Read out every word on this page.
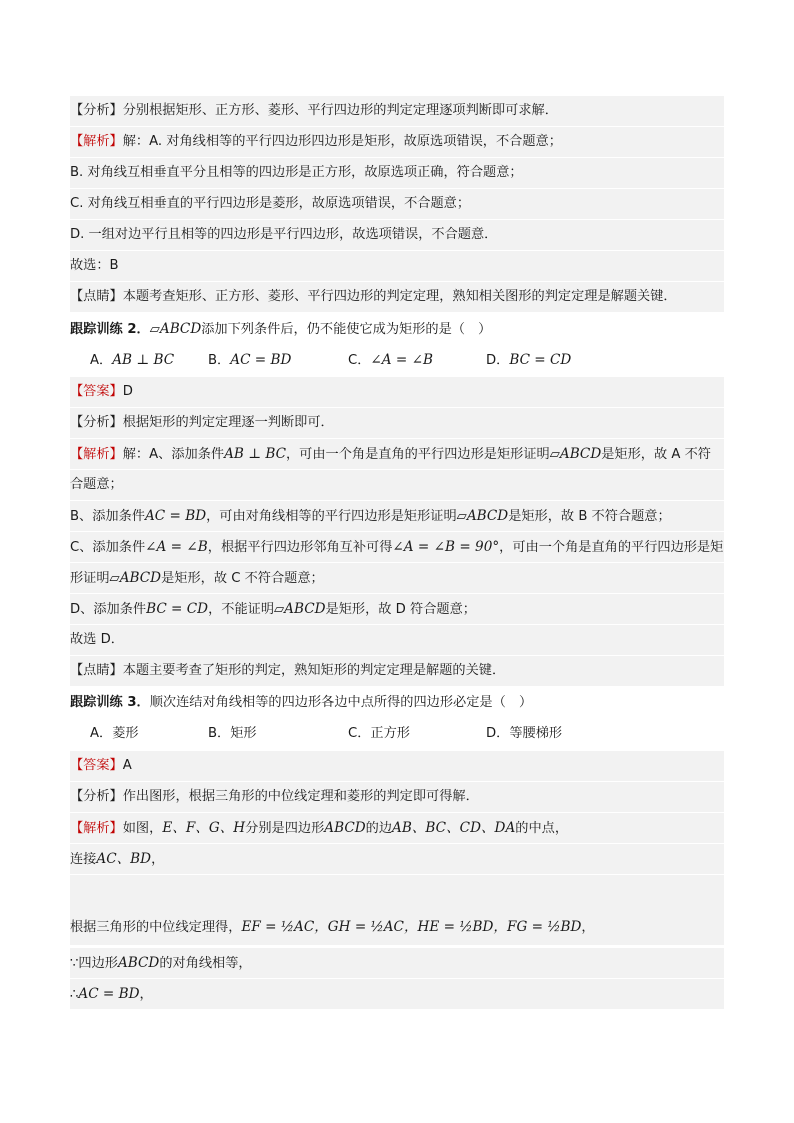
【分析】分别根据矩形、正方形、菱形、平行四边形的判定定理逐项判断即可求解．
【解析】解：A. 对角线相等的平行四边形四边形是矩形，故原选项错误，不合题意；
B. 对角线互相垂直平分且相等的四边形是正方形，故原选项正确，符合题意；
C. 对角线互相垂直的平行四边形是菱形，故原选项错误，不合题意；
D. 一组对边平行且相等的四边形是平行四边形，故选项错误，不合题意．
故选：B
【点睛】本题考查矩形、正方形、菱形、平行四边形的判定定理，熟知相关图形的判定定理是解题关键．
跟踪训练 2．▱ABCD添加下列条件后，仍不能使它成为矩形的是（　）
A．AB ⊥ BC	B．AC = BD	C．∠A = ∠B	D．BC = CD
【答案】D
【分析】根据矩形的判定定理逐一判断即可．
【解析】解：A、添加条件AB ⊥ BC，可由一个角是直角的平行四边形是矩形证明▱ABCD是矩形，故 A 不符
合题意；
B、添加条件AC = BD，可由对角线相等的平行四边形是矩形证明▱ABCD是矩形，故 B 不符合题意；
C、添加条件∠A = ∠B，根据平行四边形邻角互补可得∠A = ∠B = 90°，可由一个角是直角的平行四边形是矩
形证明▱ABCD是矩形，故 C 不符合题意；
D、添加条件BC = CD，不能证明▱ABCD是矩形，故 D 符合题意；
故选 D．
【点睛】本题主要考查了矩形的判定，熟知矩形的判定定理是解题的关键．
跟踪训练 3．顺次连结对角线相等的四边形各边中点所得的四边形必定是（　）
A．菱形	B．矩形	C．正方形	D．等腰梯形
【答案】A
【分析】作出图形，根据三角形的中位线定理和菱形的判定即可得解．
【解析】如图，E、F、G、H分别是四边形ABCD的边AB、BC、CD、DA的中点，
连接AC、BD，
根据三角形的中位线定理得，EF = ½AC，GH = ½AC，HE = ½BD，FG = ½BD，
∵四边形ABCD的对角线相等，
∴AC = BD，
